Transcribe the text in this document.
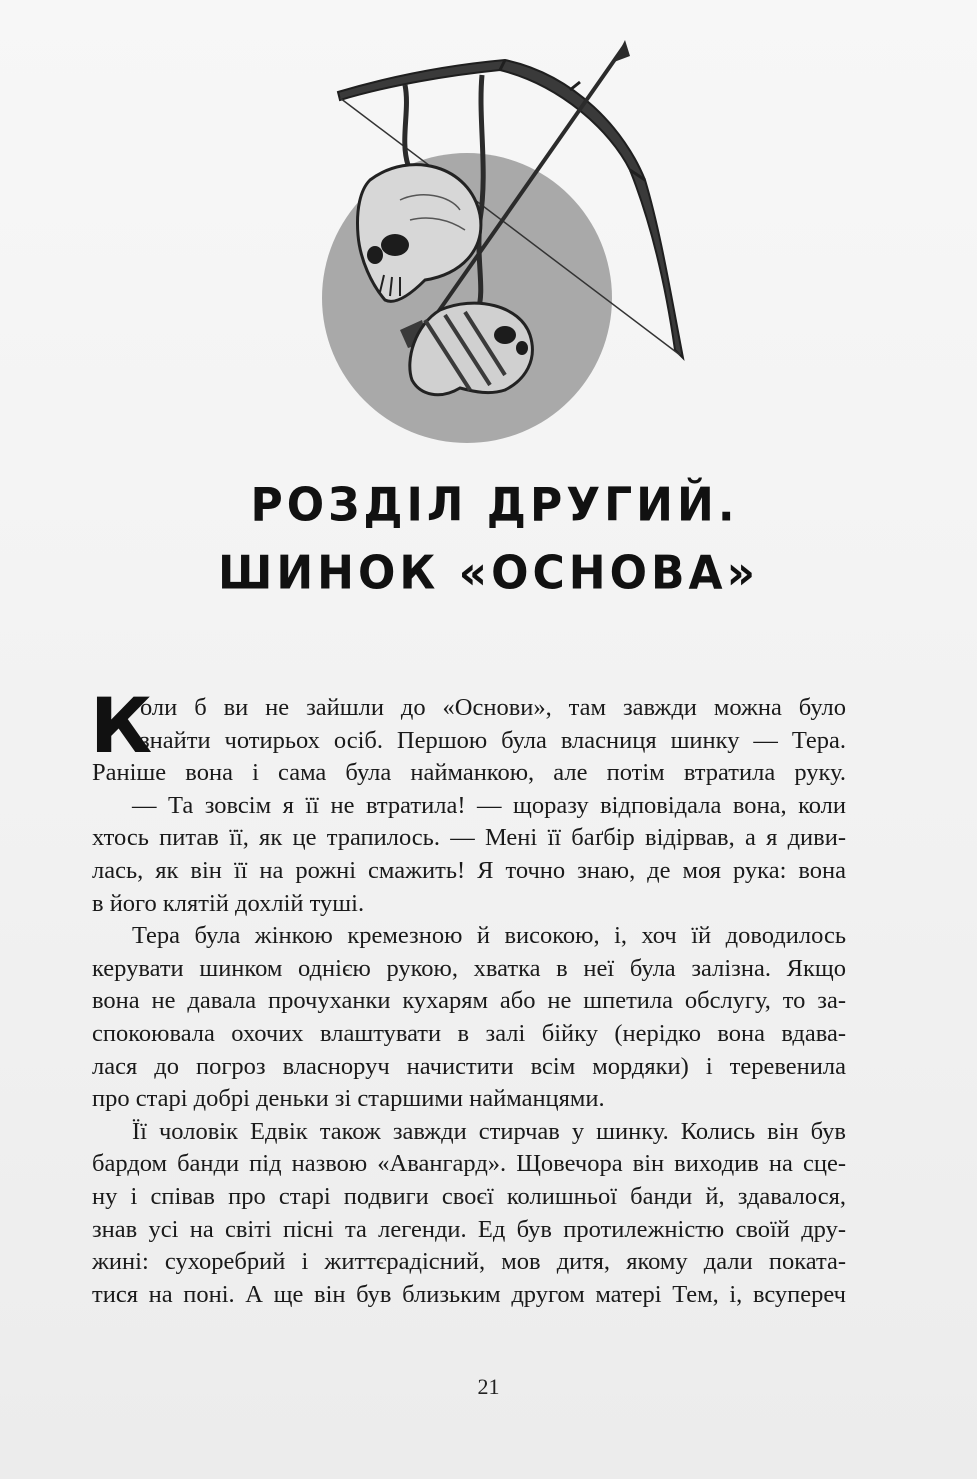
РОЗДІЛ ДРУГИЙ.
ШИНОК «ОСНОВА»
К
оли б ви не зайшли до «Основи», там завжди можна було
знайти чотирьох осіб. Першою була власниця шинку — Тера.
Раніше вона і сама була найманкою, але потім втратила руку.
— Та зовсім я її не втратила! — щоразу відповідала вона, коли
хтось питав її, як це трапилось. — Мені її баґбір відірвав, а я диви-
лась, як він її на рожні смажить! Я точно знаю, де моя рука: вона
в його клятій дохлій туші.
Тера була жінкою кремезною й високою, і, хоч їй доводилось
керувати шинком однією рукою, хватка в неї була залізна. Якщо
вона не давала прочуханки кухарям або не шпетила обслугу, то за-
спокоювала охочих влаштувати в залі бійку (нерідко вона вдава-
лася до погроз власноруч начистити всім мордяки) і теревенила
про старі добрі деньки зі старшими найманцями.
Її чоловік Едвік також завжди стирчав у шинку. Колись він був
бардом банди під назвою «Авангард». Щовечора він виходив на сце-
ну і співав про старі подвиги своєї колишньої банди й, здавалося,
знав усі на світі пісні та легенди. Ед був протилежністю своїй дру-
жині: сухоребрий і життєрадісний, мов дитя, якому дали поката-
тися на поні. А ще він був близьким другом матері Тем, і, всупереч
21
